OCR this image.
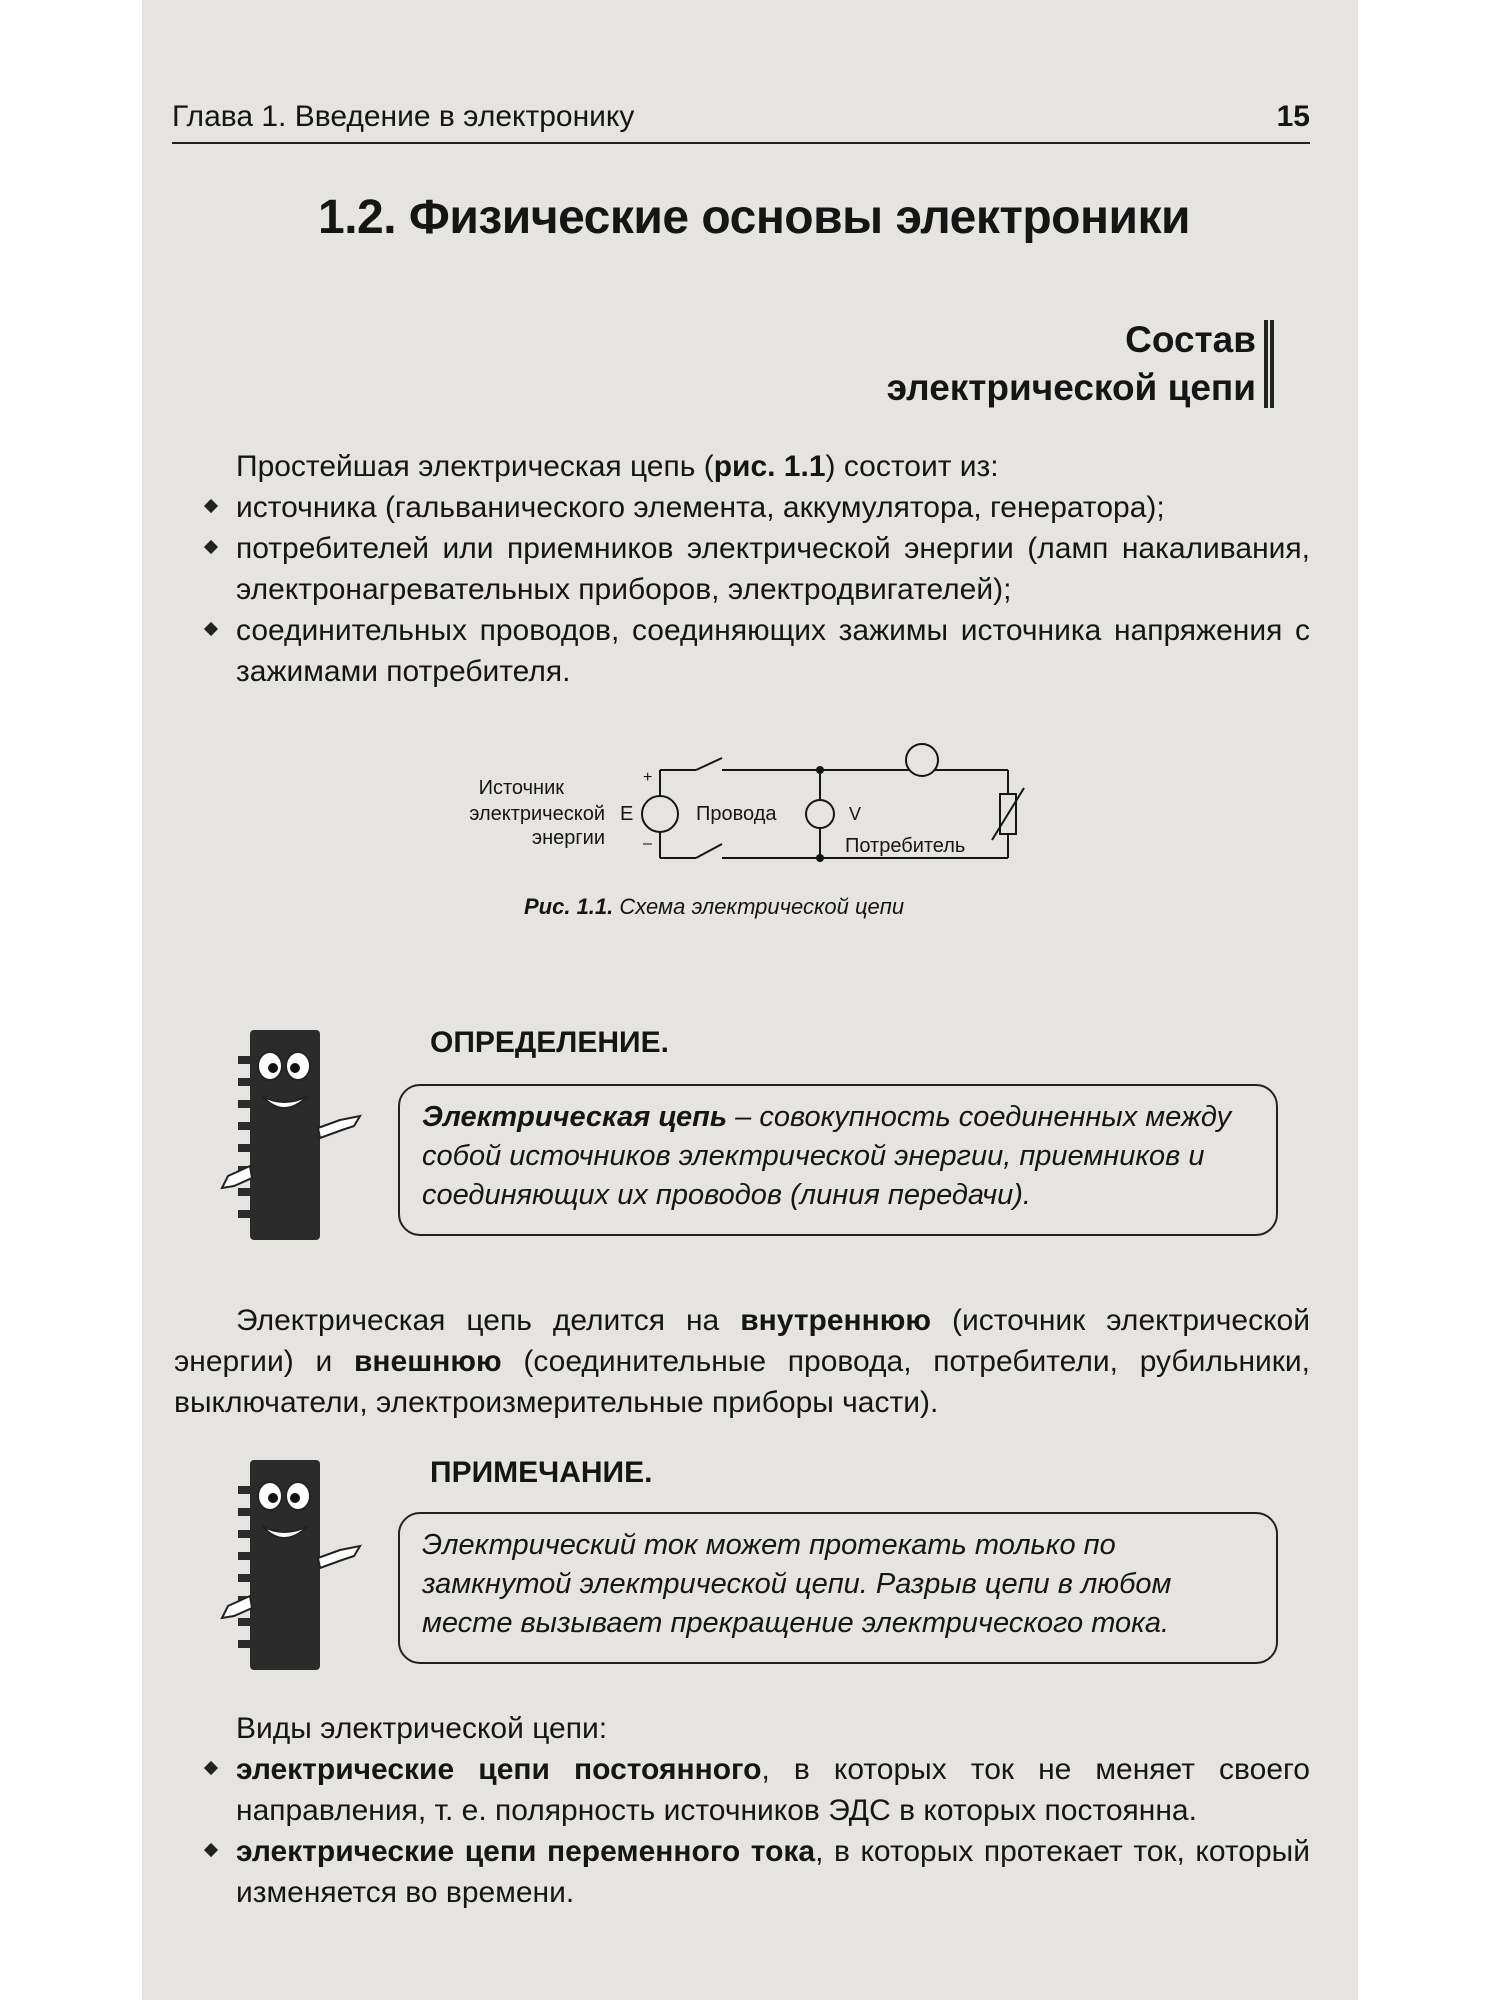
Глава 1. Введение в электронику	15
1.2. Физические основы электроники
Состав
электрической цепи
Простейшая электрическая цепь (рис. 1.1) состоит из:
источника (гальванического элемента, аккумулятора, генератора);
потребителей или приемников электрической энергии (ламп накаливания, электронагревательных приборов, электродвигателей);
соединительных проводов, соединяющих зажимы источника напряжения с зажимами потребителя.
Источник
электрической
энергии
E
+
–
Провода	V
Потребитель
Рис. 1.1. Схема электрической цепи
ОПРЕДЕЛЕНИЕ.
Электрическая цепь – совокупность соединенных между собой источников электрической энергии, приемников и соединяющих их проводов (линия передачи).
Электрическая цепь делится на внутреннюю (источник электрической энергии) и внешнюю (соединительные провода, потребители, рубильники, выключатели, электроизмерительные приборы части).
ПРИМЕЧАНИЕ.
Электрический ток может протекать только по замкнутой электрической цепи. Разрыв цепи в любом месте вызывает прекращение электрического тока.
Виды электрической цепи:
электрические цепи постоянного, в которых ток не меняет своего направления, т. е. полярность источников ЭДС в которых постоянна.
электрические цепи переменного тока, в которых протекает ток, который изменяется во времени.
